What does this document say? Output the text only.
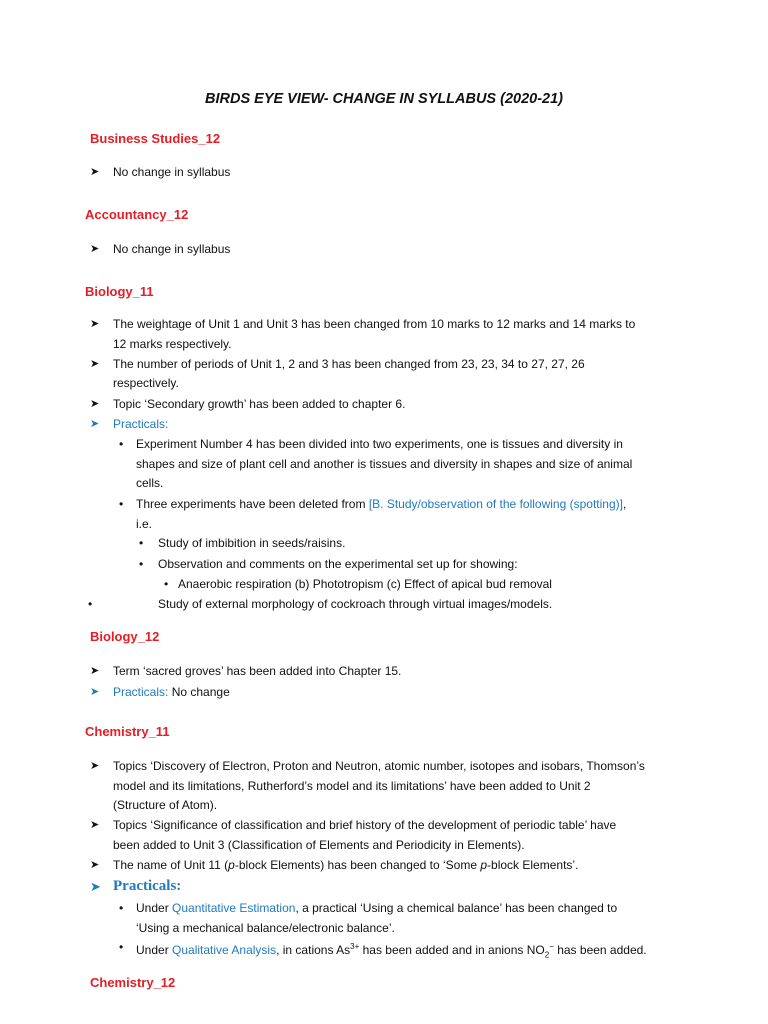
BIRDS EYE VIEW- CHANGE IN SYLLABUS (2020-21)
Business Studies_12
➤ No change in syllabus
Accountancy_12
➤ No change in syllabus
Biology_11
➤ The weightage of Unit 1 and Unit 3 has been changed from 10 marks to 12 marks and 14 marks to
12 marks respectively.
➤ The number of periods of Unit 1, 2 and 3 has been changed from 23, 23, 34 to 27, 27, 26
respectively.
➤ Topic ‘Secondary growth’ has been added to chapter 6.
➤ Practicals:
• Experiment Number 4 has been divided into two experiments, one is tissues and diversity in
shapes and size of plant cell and another is tissues and diversity in shapes and size of animal
cells.
• Three experiments have been deleted from [B. Study/observation of the following (spotting)],
i.e.
• Study of imbibition in seeds/raisins.
• Observation and comments on the experimental set up for showing:
• Anaerobic respiration (b) Phototropism (c) Effect of apical bud removal
•	Study of external morphology of cockroach through virtual images/models.
Biology_12
➤ Term ‘sacred groves’ has been added into Chapter 15.
➤ Practicals: No change
Chemistry_11
➤ Topics ‘Discovery of Electron, Proton and Neutron, atomic number, isotopes and isobars, Thomson’s
model and its limitations, Rutherford’s model and its limitations’ have been added to Unit 2
(Structure of Atom).
➤ Topics ‘Significance of classification and brief history of the development of periodic table’ have
been added to Unit 3 (Classification of Elements and Periodicity in Elements).
➤ The name of Unit 11 (p-block Elements) has been changed to ‘Some p-block Elements’.
➤ Practicals:
• Under Quantitative Estimation, a practical ‘Using a chemical balance’ has been changed to
‘Using a mechanical balance/electronic balance’.
• Under Qualitative Analysis, in cations $As^{3+}$ has been added and in anions $NO_2^-$ has been added.
Chemistry_12
